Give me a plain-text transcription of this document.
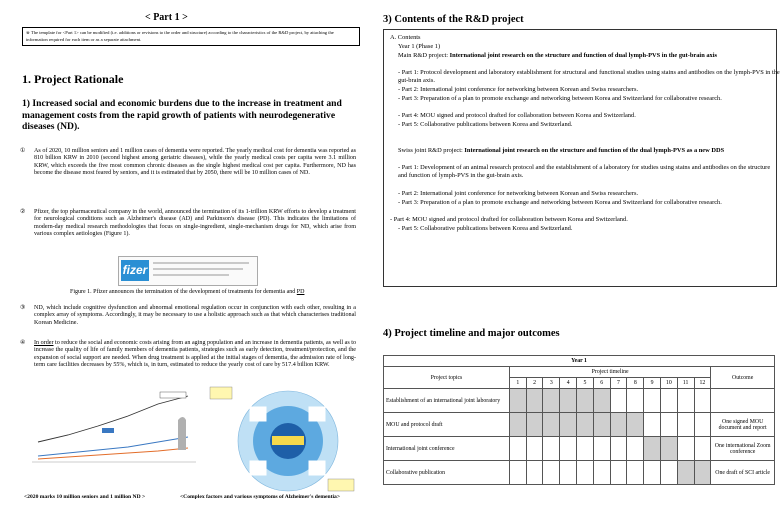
< Part 1 >
※ The template for <Part 1> can be modified (i.e. additions or revisions to the order and structure) according to the characteristics of the R&D project, by attaching the information required for each item or as a separate attachment.
1. Project Rationale
1) Increased social and economic burdens due to the increase in treatment and management costs from the rapid growth of patients with neurodegenerative diseases (ND).
① As of 2020, 10 million seniors and 1 million cases of dementia were reported. The yearly medical cost for dementia was reported as 810 billion KRW in 2010 (second highest among geriatric diseases), while the yearly medical costs per capita were 3.1 million KRW, which exceeds the five most common chronic diseases as the single highest medical cost per capita. Furthermore, ND has become the disease most feared by seniors, and it is estimated that by 2050, there will be 10 million cases of ND.
② Pfizer, the top pharmaceutical company in the world, announced the termination of its 1-trillion KRW efforts to develop a treatment for neurological conditions such as Alzheimer's disease (AD) and Parkinson's disease (PD). This indicates the limitations of modern-day medical research methodologies that focus on single-ingredient, single-mechanism drugs for ND, which arise from various complex aetiologies (Figure 1).
fizer
Figure 1. Pfizer announces the termination of the development of treatments for dementia and PD
③ ND, which include cognitive dysfunction and abnormal emotional regulation occur in conjunction with each other, resulting in a complex array of symptoms. Accordingly, it may be necessary to use a holistic approach such as that which characterises traditional Korean Medicine.
④ In order to reduce the social and economic costs arising from an aging population and an increase in dementia patients, as well as to increase the quality of life of family members of dementia patients, strategies such as early detection, treatment/protection, and the expansion of social support are needed. When drug treatment is applied at the initial stages of dementia, the admission rate of long-term care facilities decreases by 55%, which is, in turn, estimated to reduce the yearly cost of care by 517.4 billion KRW.
<2020 marks 10 million seniors and 1 million ND >	<Complex factors and various symptoms of Alzheimer's dementia>
3) Contents of the R&D project
A. Contents
Year 1 (Phase 1)
Main R&D project: International joint research on the structure and function of dual lymph-PVS in the gut-brain axis
- Part 1: Protocol development and laboratory establishment for structural and functional studies using stains and antibodies on the lymph-PVS in the gut-brain axis.
- Part 2: International joint conference for networking between Korean and Swiss researchers.
- Part 3: Preparation of a plan to promote exchange and networking between Korea and Switzerland for collaborative research.
- Part 4: MOU signed and protocol drafted for collaboration between Korea and Switzerland.
- Part 5: Collaborative publications between Korea and Switzerland.
Swiss joint R&D project: International joint research on the structure and function of the dual lymph-PVS as a new DDS
- Part 1: Development of an animal research protocol and the establishment of a laboratory for studies using stains and antibodies on the structure and function of lymph-PVS in the gut-brain axis.
- Part 2: International joint conference for networking between Korean and Swiss researchers.
- Part 3: Preparation of a plan to promote exchange and networking between Korea and Switzerland for collaborative research.
- Part 4: MOU signed and protocol drafted for collaboration between Korea and Switzerland.
- Part 5: Collaborative publications between Korea and Switzerland.
4) Project timeline and major outcomes
Year 1													
Project topics	Project timeline												Outcome
	1	2	3	4	5	6	7	8	9	10	11	12	
Establishment of an international joint laboratory													
MOU and protocol draft													One signed MOU document and report
International joint conference													One international Zoom conference
Collaborative publication													One draft of SCI article
